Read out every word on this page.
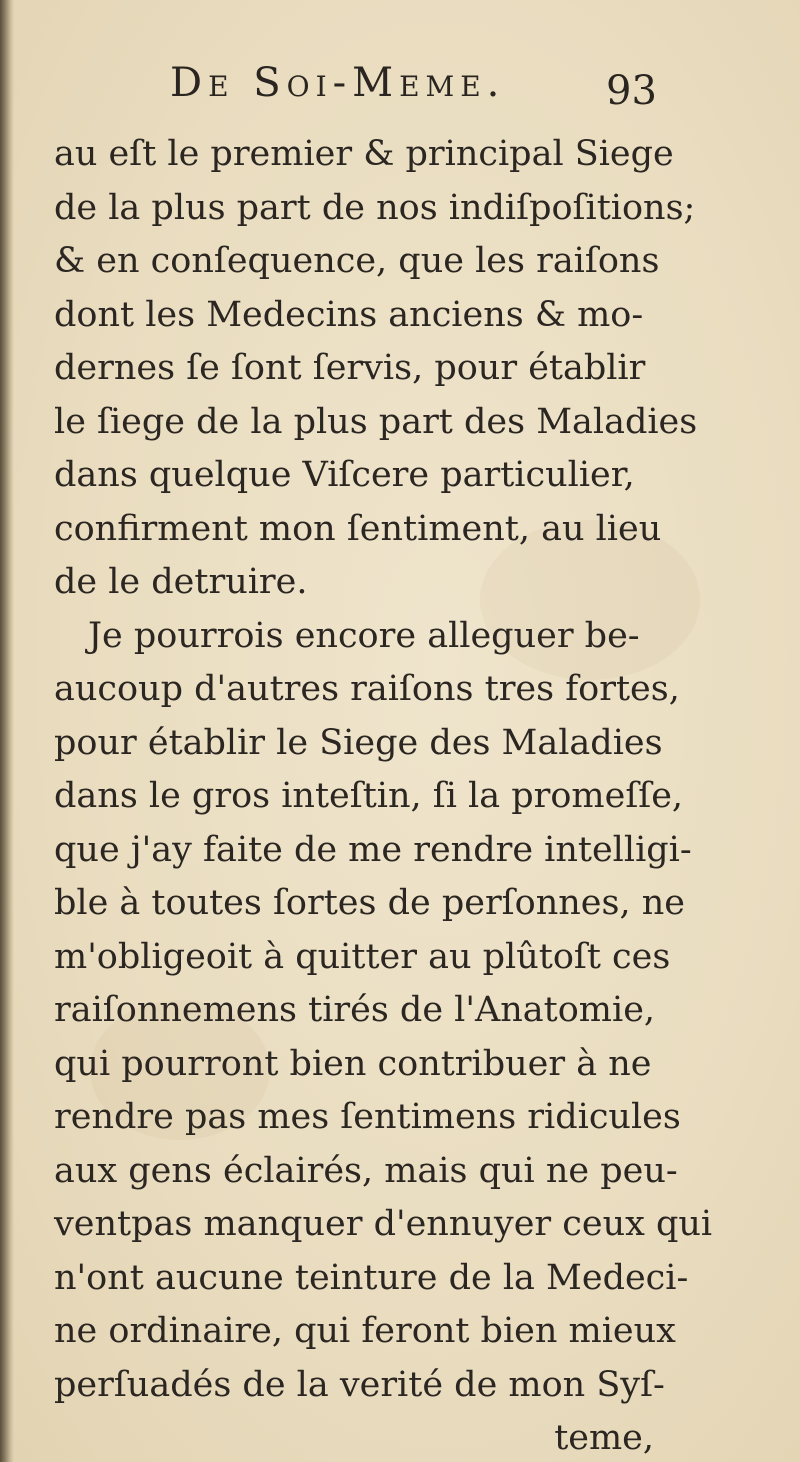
De Soi-Meme.	93
au eſt le premier & principal Siege
de la plus part de nos indiſpoſitions;
& en conſequence, que les raiſons
dont les Medecins anciens & mo-
dernes ſe ſont ſervis, pour établir
le ſiege de la plus part des Maladies
dans quelque Viſcere particulier,
confirment mon ſentiment, au lieu
de le detruire.
Je pourrois encore alleguer be-
aucoup d'autres raiſons tres fortes,
pour établir le Siege des Maladies
dans le gros inteſtin, ſi la promeſſe,
que j'ay faite de me rendre intelligi-
ble à toutes ſortes de perſonnes, ne
m'obligeoit à quitter au plûtoſt ces
raiſonnemens tirés de l'Anatomie,
qui pourront bien contribuer à ne
rendre pas mes ſentimens ridicules
aux gens éclairés, mais qui ne peu-
ventpas manquer d'ennuyer ceux qui
n'ont aucune teinture de la Medeci-
ne ordinaire, qui feront bien mieux
perſuadés de la verité de mon Syſ-
teme,
